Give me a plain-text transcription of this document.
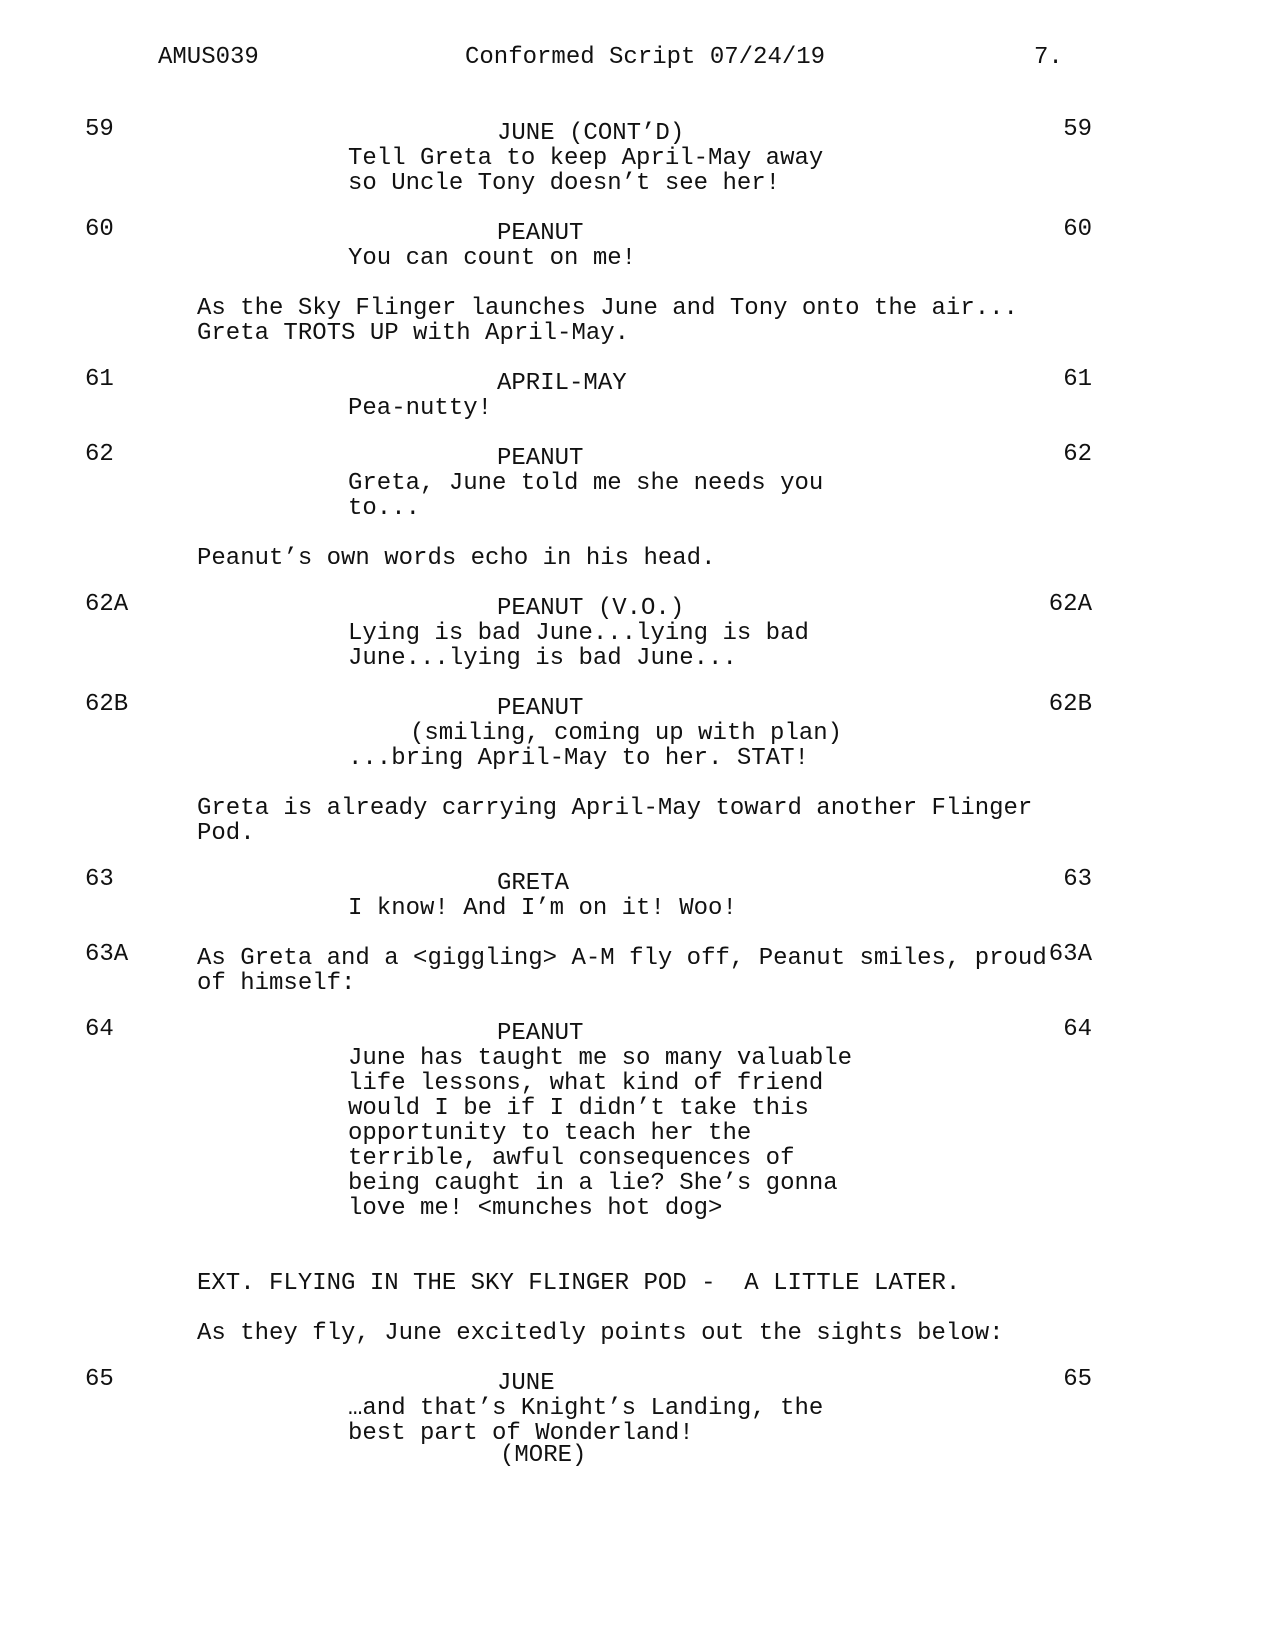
AMUS039	Conformed Script 07/24/19	7.
59	59
JUNE (CONT’D)
Tell Greta to keep April-May away
so Uncle Tony doesn’t see her!
60	60
PEANUT
You can count on me!
As the Sky Flinger launches June and Tony onto the air...
Greta TROTS UP with April-May.
61	61
APRIL-MAY
Pea-nutty!
62	62
PEANUT
Greta, June told me she needs you
to...
Peanut’s own words echo in his head.
62A	62A
PEANUT (V.O.)
Lying is bad June...lying is bad
June...lying is bad June...
62B	62B
PEANUT
(smiling, coming up with plan)
...bring April-May to her. STAT!
Greta is already carrying April-May toward another Flinger
Pod.
63	63
GRETA
I know! And I’m on it! Woo!
63A	63A
As Greta and a <giggling> A-M fly off, Peanut smiles, proud
of himself:
64	64
PEANUT
June has taught me so many valuable
life lessons, what kind of friend
would I be if I didn’t take this
opportunity to teach her the
terrible, awful consequences of
being caught in a lie? She’s gonna
love me! <munches hot dog>
EXT. FLYING IN THE SKY FLINGER POD -  A LITTLE LATER.
As they fly, June excitedly points out the sights below:
65	65
JUNE
…and that’s Knight’s Landing, the
best part of Wonderland!
(MORE)
